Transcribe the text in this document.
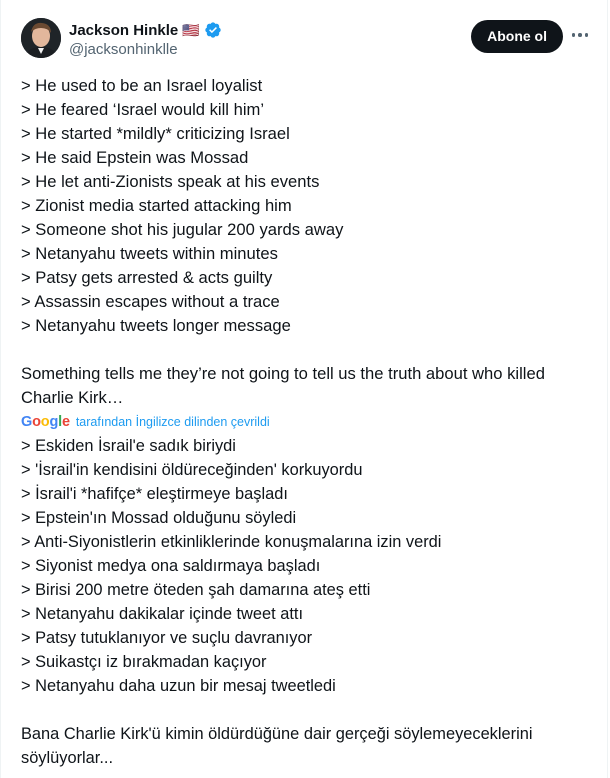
Jackson Hinkle 🇺🇸
@jacksonhinklle
Abone ol
> He used to be an Israel loyalist
> He feared ‘Israel would kill him’
> He started *mildly* criticizing Israel
> He said Epstein was Mossad
> He let anti-Zionists speak at his events
> Zionist media started attacking him
> Someone shot his jugular 200 yards away
> Netanyahu tweets within minutes
> Patsy gets arrested & acts guilty
> Assassin escapes without a trace
> Netanyahu tweets longer message
Something tells me they’re not going to tell us the truth about who killed
Charlie Kirk…
Google tarafından İngilizce dilinden çevrildi
> Eskiden İsrail'e sadık biriydi
> 'İsrail'in kendisini öldüreceğinden' korkuyordu
> İsrail'i *hafifçe* eleştirmeye başladı
> Epstein'ın Mossad olduğunu söyledi
> Anti-Siyonistlerin etkinliklerinde konuşmalarına izin verdi
> Siyonist medya ona saldırmaya başladı
> Birisi 200 metre öteden şah damarına ateş etti
> Netanyahu dakikalar içinde tweet attı
> Patsy tutuklanıyor ve suçlu davranıyor
> Suikastçı iz bırakmadan kaçıyor
> Netanyahu daha uzun bir mesaj tweetledi
Bana Charlie Kirk'ü kimin öldürdüğüne dair gerçeği söylemeyeceklerini
söylüyorlar...
